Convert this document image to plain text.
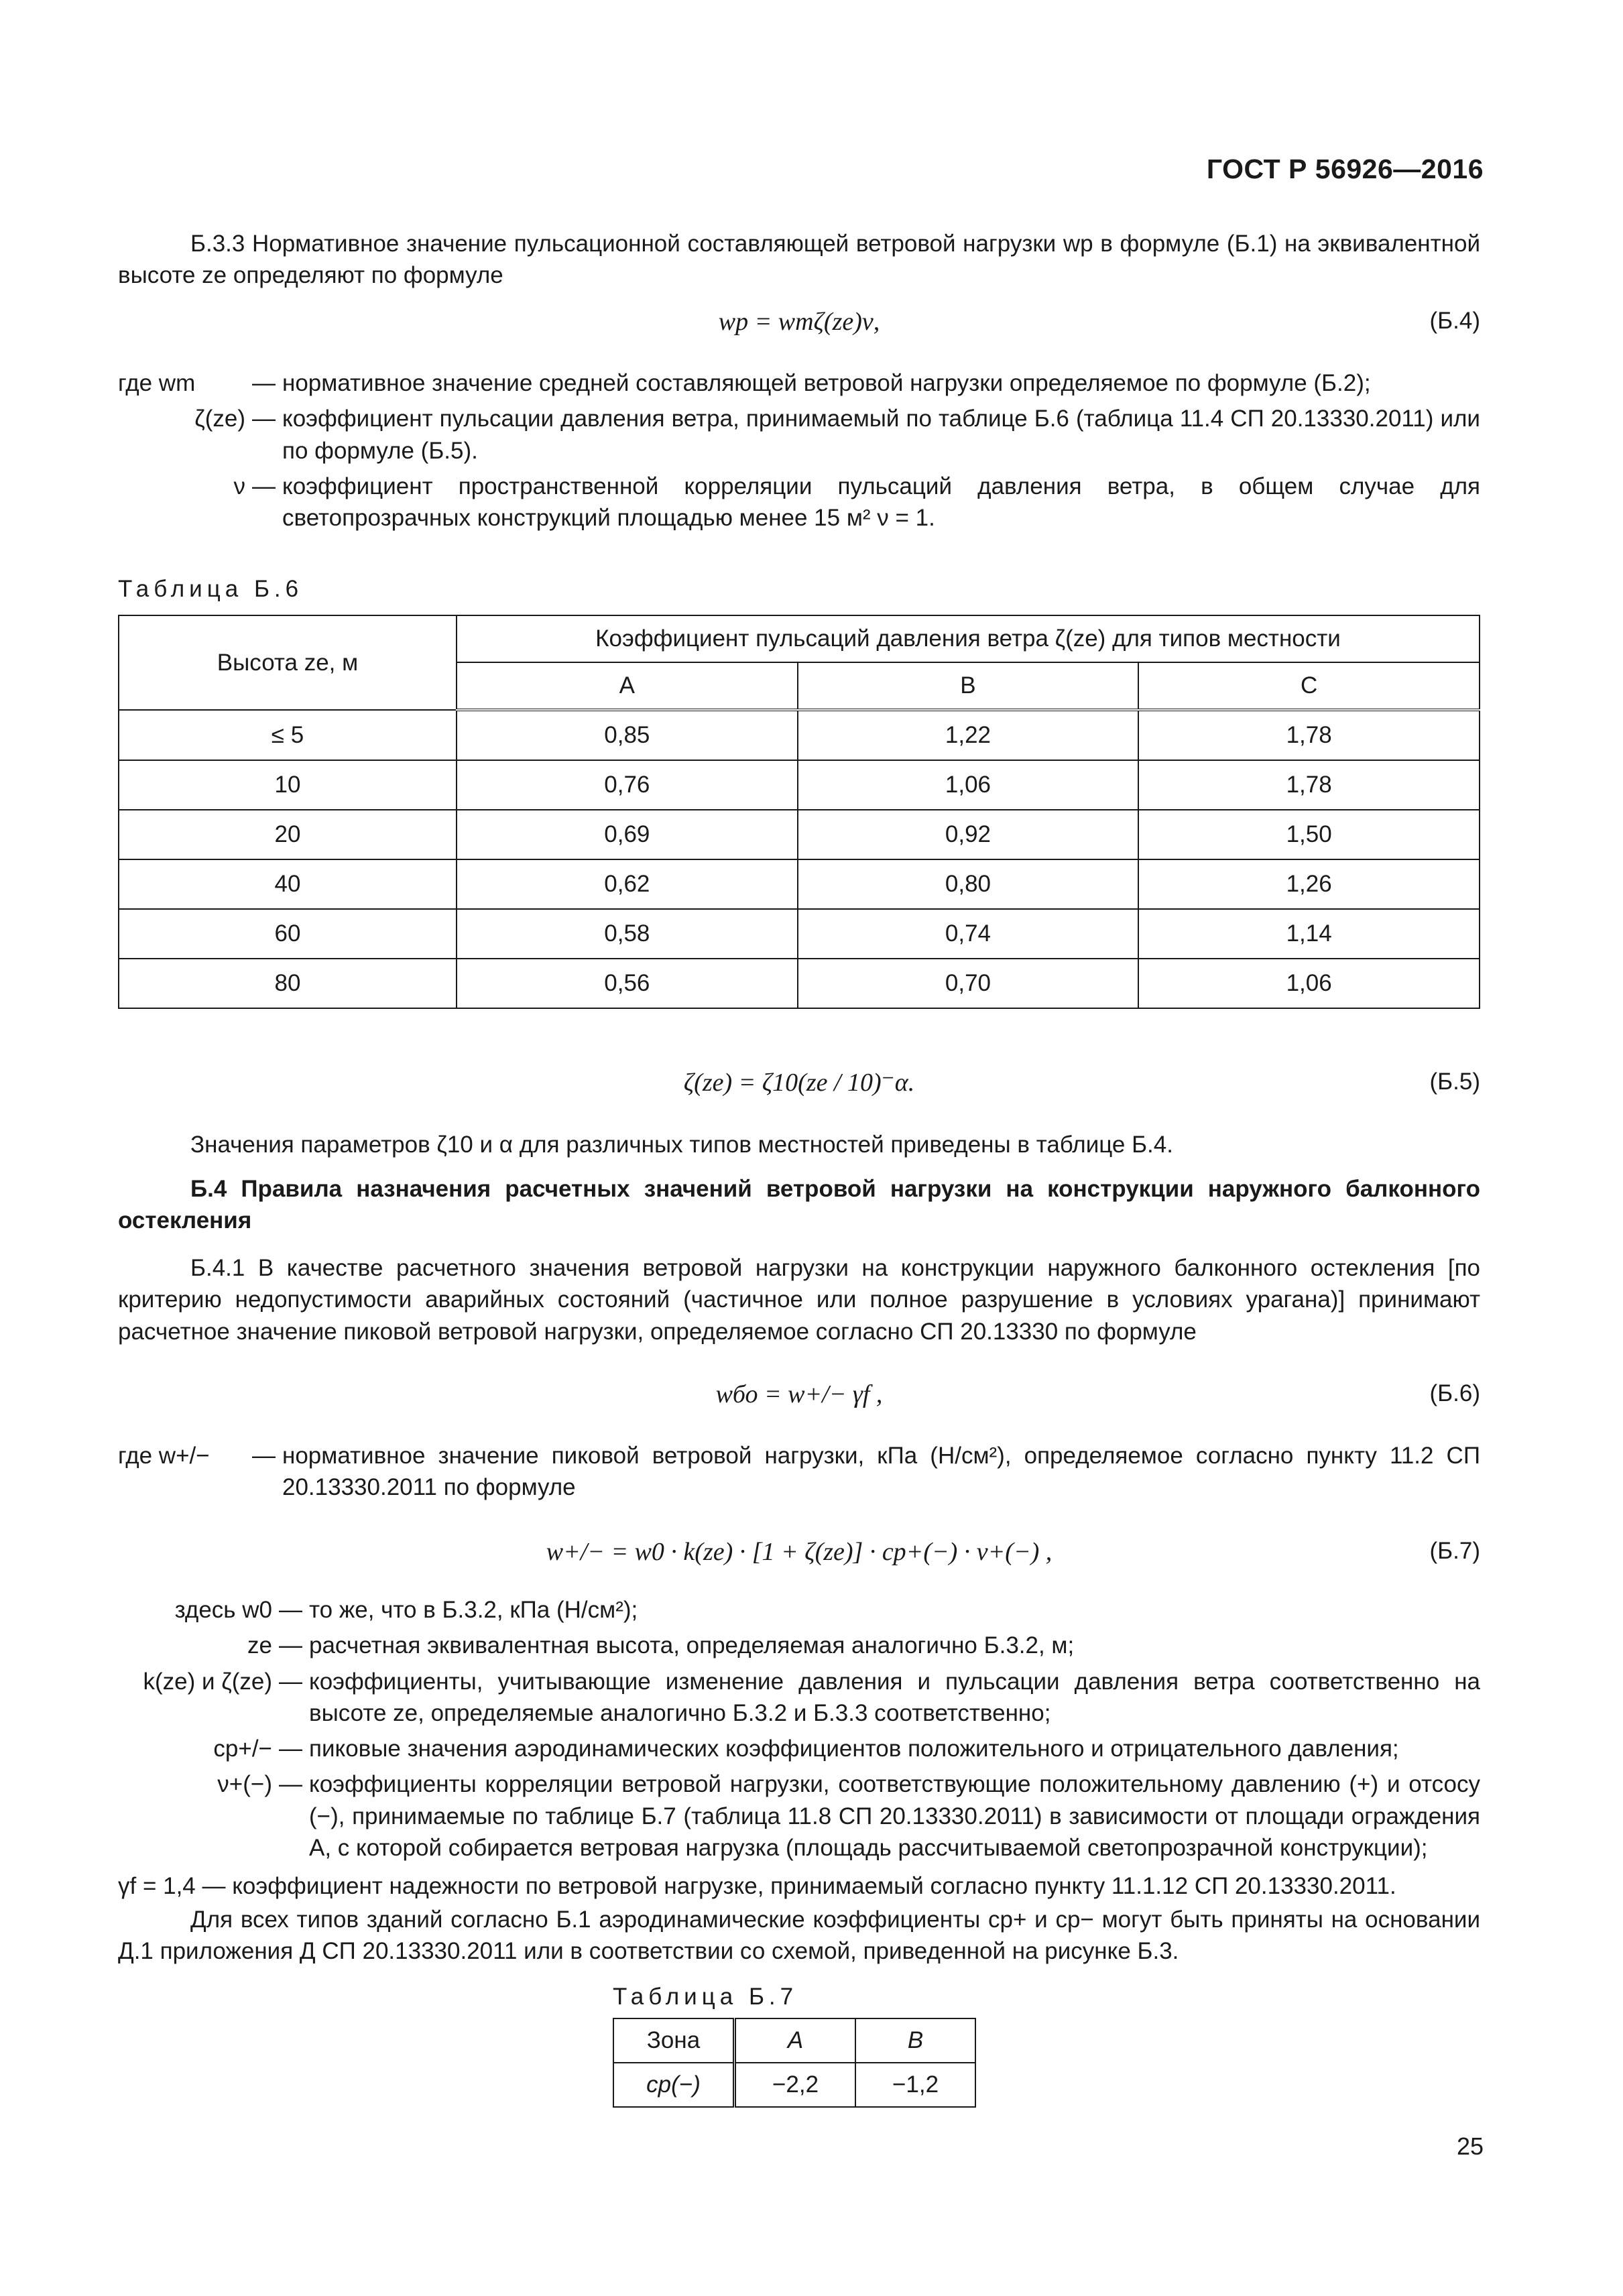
ГОСТ Р 56926—2016
Б.3.3 Нормативное значение пульсационной составляющей ветровой нагрузки wp в формуле (Б.1) на эквивалентной высоте ze определяют по формуле
wp = wmζ(ze)ν,	(Б.4)
где wm	— нормативное значение средней составляющей ветровой нагрузки определяемое по формуле (Б.2);
ζ(ze) — коэффициент пульсации давления ветра, принимаемый по таблице Б.6 (таблица 11.4 СП 20.13330.2011) или по формуле (Б.5).
ν — коэффициент пространственной корреляции пульсаций давления ветра, в общем случае для светопрозрачных конструкций площадью менее 15 м² ν = 1.
Таблица Б.6
Высота ze, м	Коэффициент пульсаций давления ветра ζ(ze) для типов местности		
	А	В	С
≤ 5	0,85	1,22	1,78
10	0,76	1,06	1,78
20	0,69	0,92	1,50
40	0,62	0,80	1,26
60	0,58	0,74	1,14
80	0,56	0,70	1,06
ζ(ze) = ζ10(ze / 10)⁻α.	(Б.5)
Значения параметров ζ10 и α для различных типов местностей приведены в таблице Б.4.
Б.4 Правила назначения расчетных значений ветровой нагрузки на конструкции наружного балконного остекления
Б.4.1 В качестве расчетного значения ветровой нагрузки на конструкции наружного балконного остекления [по критерию недопустимости аварийных состояний (частичное или полное разрушение в условиях урагана)] принимают расчетное значение пиковой ветровой нагрузки, определяемое согласно СП 20.13330 по формуле
wбо = w+/− γf ,	(Б.6)
где w+/−	— нормативное значение пиковой ветровой нагрузки, кПа (Н/см²), определяемое согласно пункту 11.2 СП 20.13330.2011 по формуле
w+/− = w0 · k(ze) · [1 + ζ(ze)] · cp+(−) · ν+(−) ,	(Б.7)
здесь w0 — то же, что в Б.3.2, кПа (Н/см²);
ze — расчетная эквивалентная высота, определяемая аналогично Б.3.2, м;
k(ze) и ζ(ze) — коэффициенты, учитывающие изменение давления и пульсации давления ветра соответственно на высоте ze, определяемые аналогично Б.3.2 и Б.3.3 соответственно;
cp+/− — пиковые значения аэродинамических коэффициентов положительного и отрицательного давления;
ν+(−) — коэффициенты корреляции ветровой нагрузки, соответствующие положительному давлению (+) и отсосу (−), принимаемые по таблице Б.7 (таблица 11.8 СП 20.13330.2011) в зависимости от площади ограждения А, с которой собирается ветровая нагрузка (площадь рассчитываемой светопрозрачной конструкции);
γf = 1,4 — коэффициент надежности по ветровой нагрузке, принимаемый согласно пункту 11.1.12 СП 20.13330.2011.
Для всех типов зданий согласно Б.1 аэродинамические коэффициенты cp+ и cp− могут быть приняты на основании Д.1 приложения Д СП 20.13330.2011 или в соответствии со схемой, приведенной на рисунке Б.3.
Таблица Б.7
Зона	А	В
cp(−)	−2,2	−1,2
25
